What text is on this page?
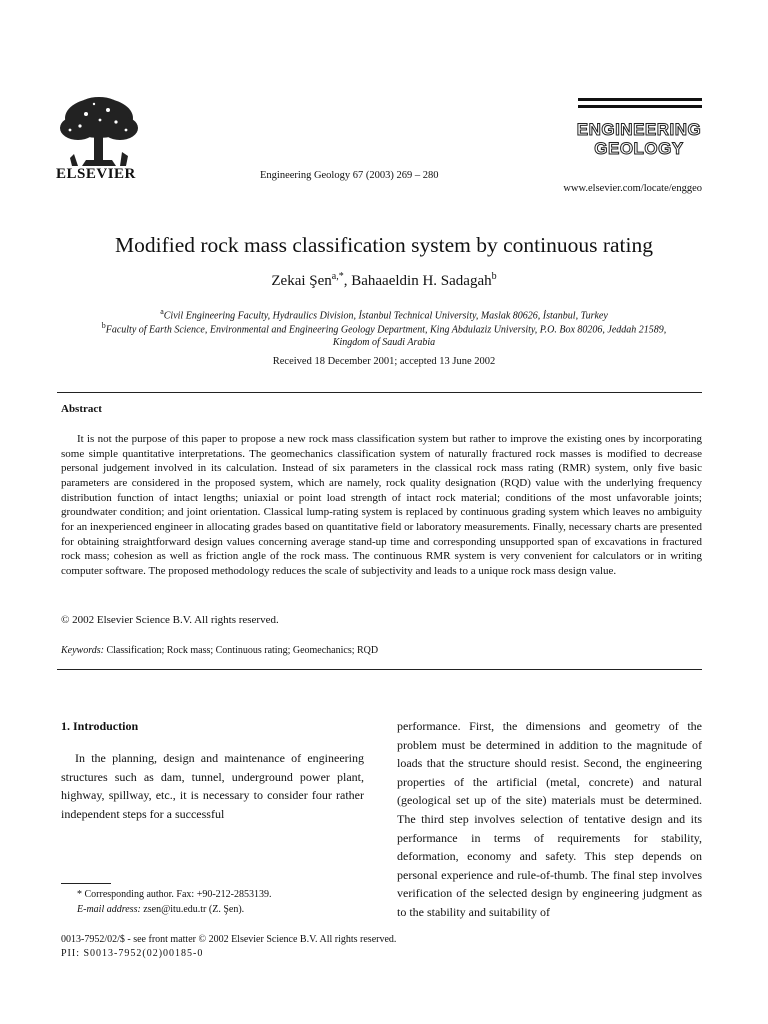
ELSEVIER	Engineering Geology 67 (2003) 269 – 280
ENGINEERING
GEOLOGY
www.elsevier.com/locate/enggeo
Modified rock mass classification system by continuous rating
Zekai Şen$^{a,*}$, Bahaaeldin H. Sadagah$^b$
$^a$Civil Engineering Faculty, Hydraulics Division, İstanbul Technical University, Maslak 80626, İstanbul, Turkey
$^b$Faculty of Earth Science, Environmental and Engineering Geology Department, King Abdulaziz University, P.O. Box 80206, Jeddah 21589,
Kingdom of Saudi Arabia
Received 18 December 2001; accepted 13 June 2002
Abstract
It is not the purpose of this paper to propose a new rock mass classification system but rather to improve the existing ones by incorporating some simple quantitative interpretations. The geomechanics classification system of naturally fractured rock masses is modified to decrease personal judgement involved in its calculation. Instead of six parameters in the classical rock mass rating (RMR) system, only five basic parameters are considered in the proposed system, which are namely, rock quality designation (RQD) value with the underlying frequency distribution function of intact lengths; uniaxial or point load strength of intact rock material; conditions of the most unfavorable joints; groundwater condition; and joint orientation. Classical lump-rating system is replaced by continuous grading system which leaves no ambiguity for an inexperienced engineer in allocating grades based on quantitative field or laboratory measurements. Finally, necessary charts are presented for obtaining straightforward design values concerning average stand-up time and corresponding unsupported span of excavations in fractured rock mass; cohesion as well as friction angle of the rock mass. The continuous RMR system is very convenient for calculators or in writing computer software. The proposed methodology reduces the scale of subjectivity and leads to a unique rock mass design value.
© 2002 Elsevier Science B.V. All rights reserved.
Keywords: Classification; Rock mass; Continuous rating; Geomechanics; RQD
1. Introduction
In the planning, design and maintenance of engineering structures such as dam, tunnel, underground power plant, highway, spillway, etc., it is necessary to consider four rather independent steps for a successful
performance. First, the dimensions and geometry of the problem must be determined in addition to the magnitude of loads that the structure should resist. Second, the engineering properties of the artificial (metal, concrete) and natural (geological set up of the site) materials must be determined. The third step involves selection of tentative design and its performance in terms of requirements for stability, deformation, economy and safety. This step depends on personal experience and rule-of-thumb. The final step involves verification of the selected design by engineering judgment as to the stability and suitability of
* Corresponding author. Fax: +90-212-2853139.
E-mail address: zsen@itu.edu.tr (Z. Şen).
0013-7952/02/$ - see front matter © 2002 Elsevier Science B.V. All rights reserved.
PII: S0013-7952(02)00185-0
